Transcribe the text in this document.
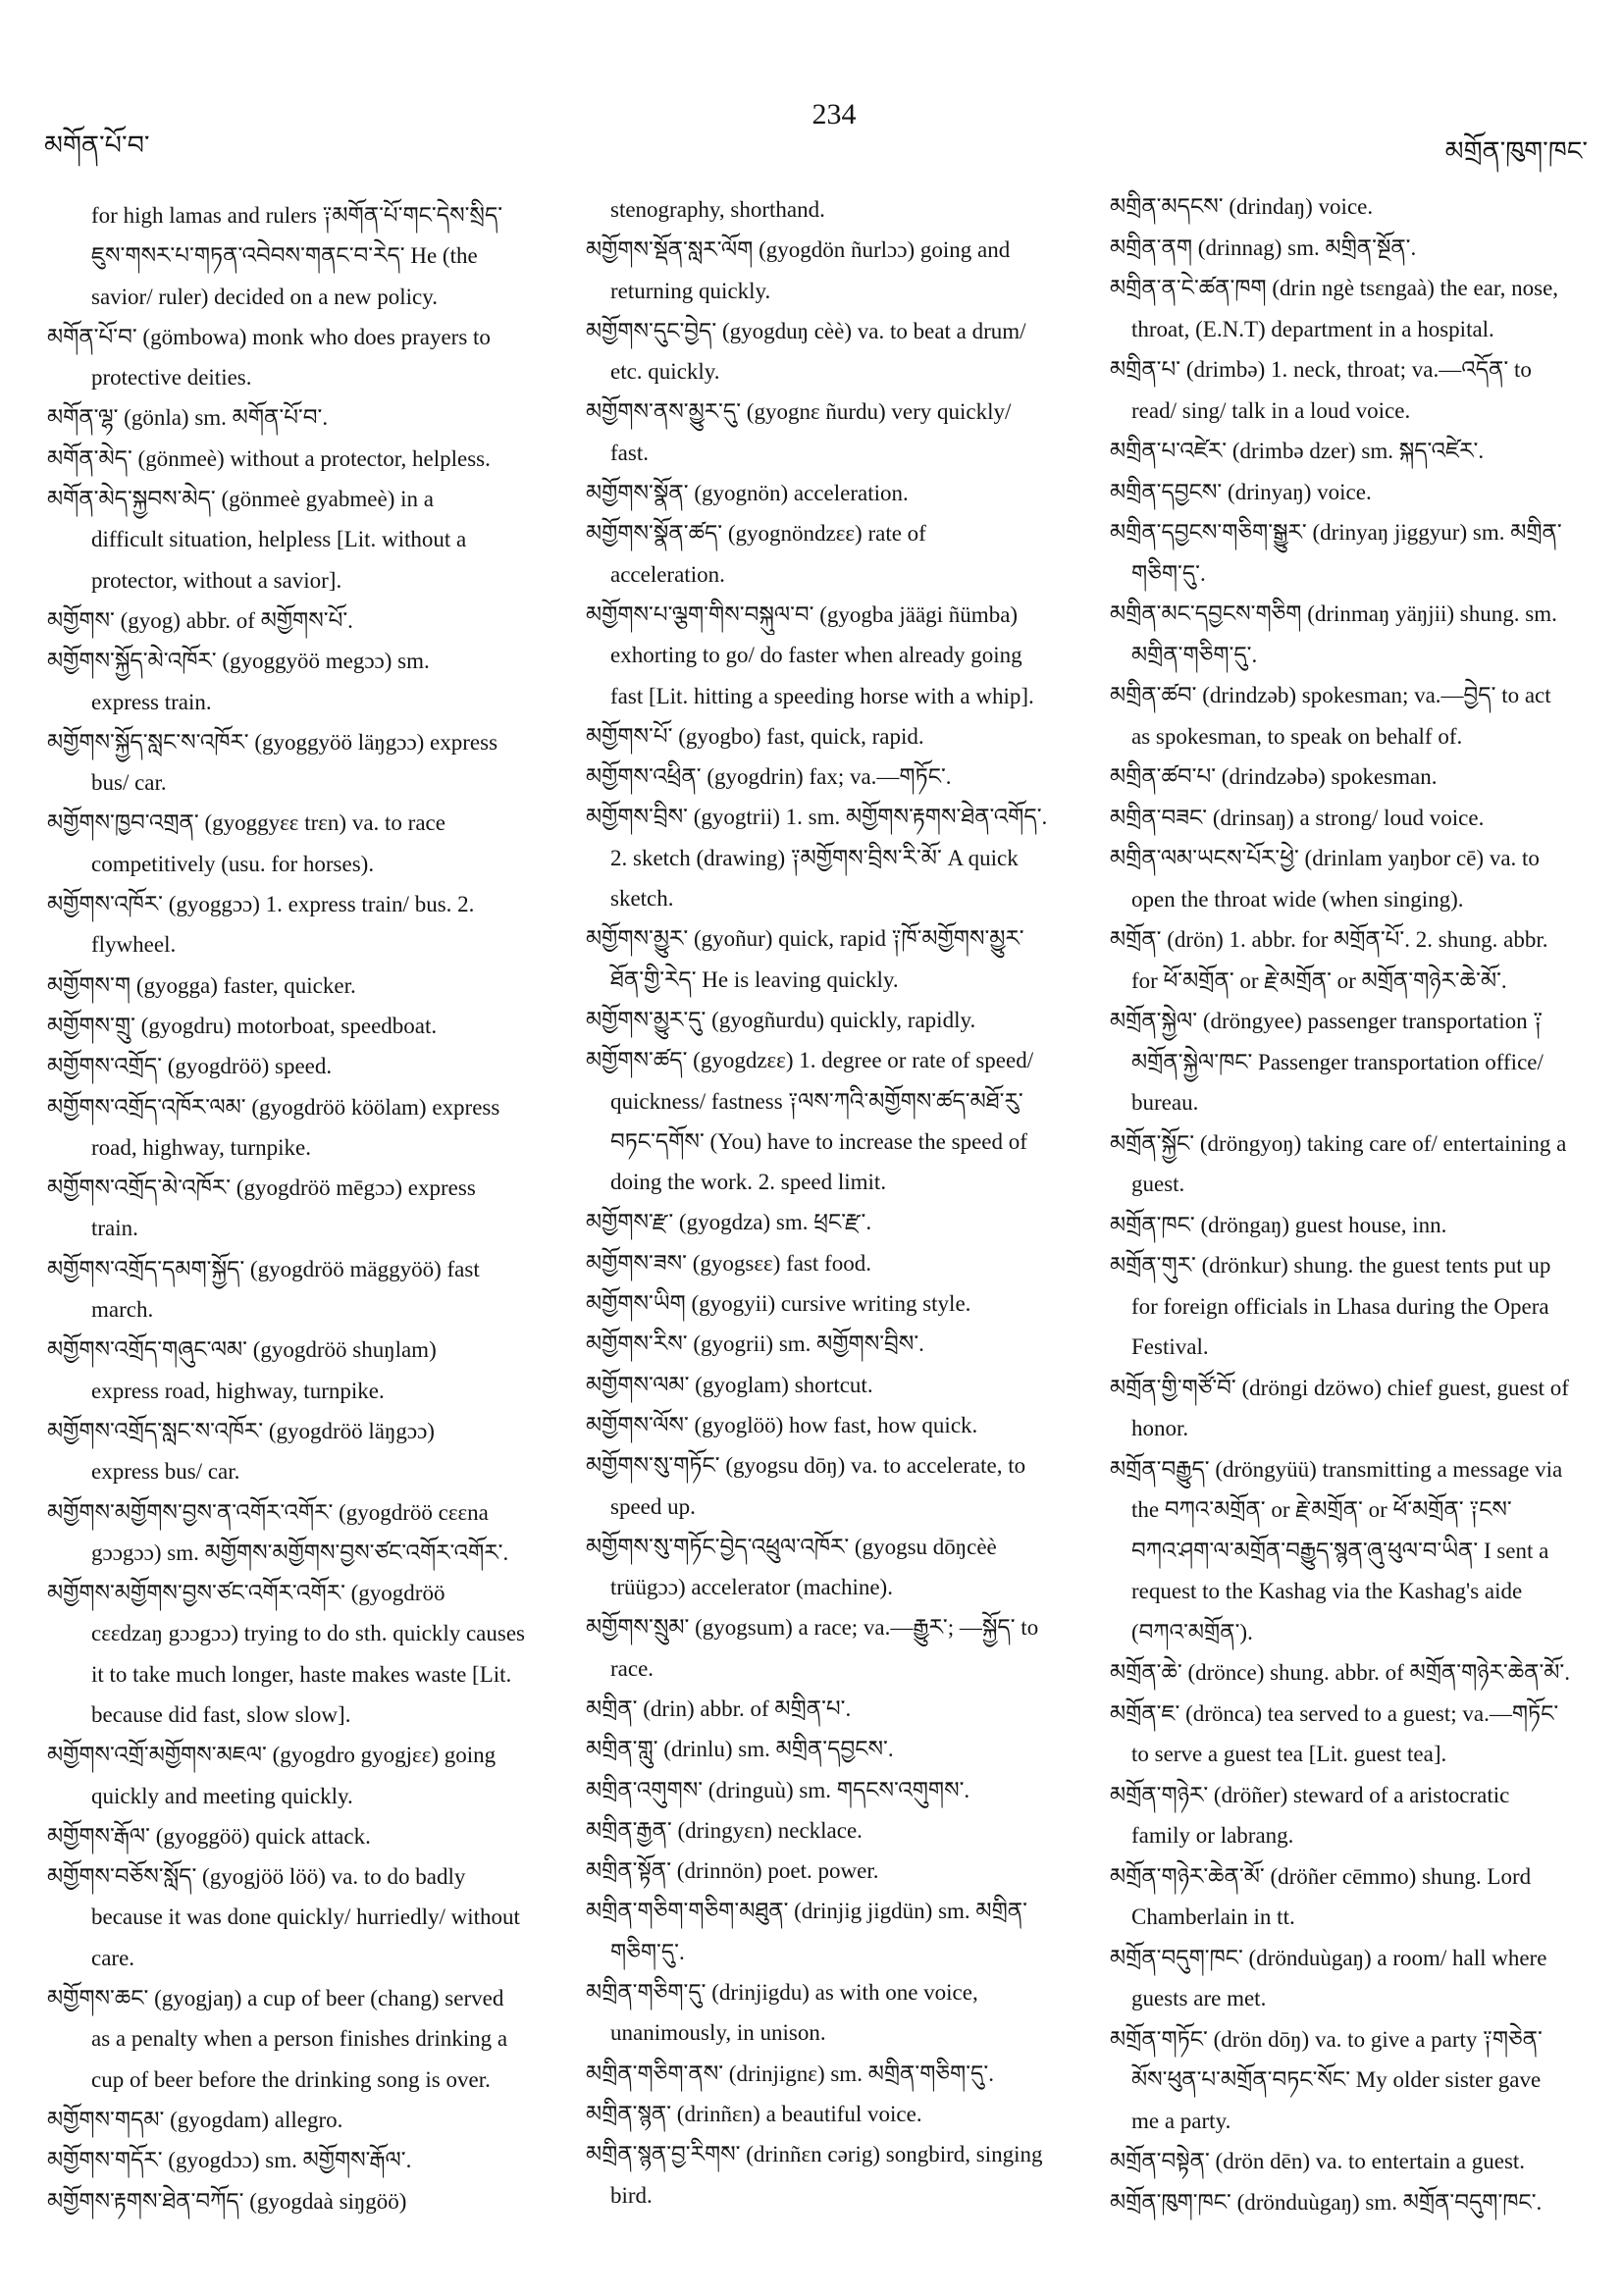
མགོན་པོ་བ་
234
མགྲོན་ཁུག་ཁང་
for high lamas and rulers ༑མགོན་པོ་གང་དེས་སྲིད་
ཇུས་གསར་པ་གཏན་འབེབས་གནང་བ་རེད་ He (the
savior/ ruler) decided on a new policy.
མགོན་པོ་བ་ (gömbowa) monk who does prayers to
protective deities.
མགོན་ལྷ་ (gönla) sm. མགོན་པོ་བ་.
མགོན་མེད་ (gönmeè) without a protector, helpless.
མགོན་མེད་སྐྱབས་མེད་ (gönmeè gyabmeè) in a
difficult situation, helpless [Lit. without a
protector, without a savior].
མགྱོགས་ (gyog) abbr. of མགྱོགས་པོ་.
མགྱོགས་སྐྱོད་མེ་འཁོར་ (gyoggyöö megɔɔ) sm.
express train.
མགྱོགས་སྐྱོད་སླང་ས་འཁོར་ (gyoggyöö läŋgɔɔ) express
bus/ car.
མགྱོགས་ཁྱབ་འགྲན་ (gyoggyεε trεn) va. to race
competitively (usu. for horses).
མགྱོགས་འཁོར་ (gyoggɔɔ) 1. express train/ bus. 2.
flywheel.
མགྱོགས་ག (gyogga) faster, quicker.
མགྱོགས་གྲུ་ (gyogdru) motorboat, speedboat.
མགྱོགས་འགྲོད་ (gyogdröö) speed.
མགྱོགས་འགྲོད་འཁོར་ལམ་ (gyogdröö köölam) express
road, highway, turnpike.
མགྱོགས་འགྲོད་མེ་འཁོར་ (gyogdröö mēgɔɔ) express
train.
མགྱོགས་འགྲོད་དམག་སྐྱོད་ (gyogdröö mäggyöö) fast
march.
མགྱོགས་འགྲོད་གཞུང་ལམ་ (gyogdröö shuŋlam)
express road, highway, turnpike.
མགྱོགས་འགྲོད་སླང་ས་འཁོར་ (gyogdröö läŋgɔɔ)
express bus/ car.
མགྱོགས་མགྱོགས་བྱས་ན་འགོར་འགོར་ (gyogdröö cεεna
gɔɔgɔɔ) sm. མགྱོགས་མགྱོགས་བྱས་ཙང་འགོར་འགོར་.
མགྱོགས་མགྱོགས་བྱས་ཙང་འགོར་འགོར་ (gyogdröö
cεεdzaŋ gɔɔgɔɔ) trying to do sth. quickly causes
it to take much longer, haste makes waste [Lit.
because did fast, slow slow].
མགྱོགས་འགྲོ་མགྱོགས་མཇལ་ (gyogdro gyogjεε) going
quickly and meeting quickly.
མགྱོགས་རྒོལ་ (gyoggöö) quick attack.
མགྱོགས་བཅོས་སློད་ (gyogjöö löö) va. to do badly
because it was done quickly/ hurriedly/ without
care.
མགྱོགས་ཆང་ (gyogjaŋ) a cup of beer (chang) served
as a penalty when a person finishes drinking a
cup of beer before the drinking song is over.
མགྱོགས་གདམ་ (gyogdam) allegro.
མགྱོགས་གདོར་ (gyogdɔɔ) sm. མགྱོགས་རྒོལ་.
མགྱོགས་རྟགས་ཐེན་བཀོད་ (gyogdaà siŋgöö)
stenography, shorthand.
མགྱོགས་སྡོན་སླར་ལོག (gyogdön ñurlɔɔ) going and
returning quickly.
མགྱོགས་དུང་བྱེད་ (gyogduŋ cèè) va. to beat a drum/
etc. quickly.
མགྱོགས་ནས་མྱུར་དུ་ (gyognε ñurdu) very quickly/
fast.
མགྱོགས་སྣོན་ (gyognön) acceleration.
མགྱོགས་སྣོན་ཚད་ (gyognöndzεε) rate of
acceleration.
མགྱོགས་པ་ལྕག་གིས་བསྐུལ་བ་ (gyogba jäägi ñümba)
exhorting to go/ do faster when already going
fast [Lit. hitting a speeding horse with a whip].
མགྱོགས་པོ་ (gyogbo) fast, quick, rapid.
མགྱོགས་འཕྲིན་ (gyogdrin) fax; va.—གཏོང་.
མགྱོགས་བྲིས་ (gyogtrii) 1. sm. མགྱོགས་རྟགས་ཐེན་འགོད་.
2. sketch (drawing) ༑མགྱོགས་བྲིས་རི་མོ་ A quick
sketch.
མགྱོགས་མྱུར་ (gyoñur) quick, rapid ༑ཁོ་མགྱོགས་མྱུར་
ཐོན་གྱི་རེད་ He is leaving quickly.
མགྱོགས་མྱུར་དུ་ (gyogñurdu) quickly, rapidly.
མགྱོགས་ཚད་ (gyogdzεε) 1. degree or rate of speed/
quickness/ fastness ༑ལས་ཀའི་མགྱོགས་ཚད་མཐོ་རུ་
བཏང་དགོས་ (You) have to increase the speed of
doing the work. 2. speed limit.
མགྱོགས་རྫ་ (gyogdza) sm. ཕྲང་རྫ་.
མགྱོགས་ཟས་ (gyogsεε) fast food.
མགྱོགས་ཡིག (gyogyii) cursive writing style.
མགྱོགས་རིས་ (gyogrii) sm. མགྱོགས་བྲིས་.
མགྱོགས་ལམ་ (gyoglam) shortcut.
མགྱོགས་ལོས་ (gyoglöö) how fast, how quick.
མགྱོགས་སུ་གཏོང་ (gyogsu dōŋ) va. to accelerate, to
speed up.
མགྱོགས་སུ་གཏོང་བྱེད་འཕྲུལ་འཁོར་ (gyogsu dōŋcèè
trüügɔɔ) accelerator (machine).
མགྱོགས་སྲུམ་ (gyogsum) a race; va.—རྒྱུར་; —སྐྱོད་ to
race.
མགྲིན་ (drin) abbr. of མགྲིན་པ་.
མགྲིན་གླུ་ (drinlu) sm. མགྲིན་དབྱངས་.
མགྲིན་འགུགས་ (dringuù) sm. གདངས་འགུགས་.
མགྲིན་རྒྱན་ (dringyεn) necklace.
མགྲིན་སྟོན་ (drinnön) poet. power.
མགྲིན་གཅིག་གཅིག་མཐུན་ (drinjig jigdün) sm. མགྲིན་
གཅིག་དུ་.
མགྲིན་གཅིག་དུ་ (drinjigdu) as with one voice,
unanimously, in unison.
མགྲིན་གཅིག་ནས་ (drinjignε) sm. མགྲིན་གཅིག་དུ་.
མགྲིན་སྙན་ (drinñεn) a beautiful voice.
མགྲིན་སྙན་བྱ་རིགས་ (drinñεn cərig) songbird, singing
bird.
མགྲིན་མདངས་ (drindaŋ) voice.
མགྲིན་ནག (drinnag) sm. མགྲིན་སྔོན་.
མགྲིན་ན་ངེ་ཚན་ཁག (drin ngè tsεngaà) the ear, nose,
throat, (E.N.T) department in a hospital.
མགྲིན་པ་ (drimbə) 1. neck, throat; va.—འདོན་ to
read/ sing/ talk in a loud voice.
མགྲིན་པ་འཛེར་ (drimbə dzer) sm. སྐད་འཛེར་.
མགྲིན་དབྱངས་ (drinyaŋ) voice.
མགྲིན་དབྱངས་གཅིག་སྒྱུར་ (drinyaŋ jiggyur) sm. མགྲིན་
གཅིག་དུ་.
མགྲིན་མང་དབྱངས་གཅིག (drinmaŋ yäŋjii) shung. sm.
མགྲིན་གཅིག་དུ་.
མགྲིན་ཚབ་ (drindzəb) spokesman; va.—བྱེད་ to act
as spokesman, to speak on behalf of.
མགྲིན་ཚབ་པ་ (drindzəbə) spokesman.
མགྲིན་བཟང་ (drinsaŋ) a strong/ loud voice.
མགྲིན་ལམ་ཡངས་པོར་ཕྱེ་ (drinlam yaŋbor cē) va. to
open the throat wide (when singing).
མགྲོན་ (drön) 1. abbr. for མགྲོན་པོ་. 2. shung. abbr.
for ཕོ་མགྲོན་ or རྗེ་མགྲོན་ or མགྲོན་གཉེར་ཆེ་མོ་.
མགྲོན་སྐྱེལ་ (dröngyee) passenger transportation ༑
མགྲོན་སྐྱེལ་ཁང་ Passenger transportation office/
bureau.
མགྲོན་སྐྱོང་ (dröngyoŋ) taking care of/ entertaining a
guest.
མགྲོན་ཁང་ (dröngaŋ) guest house, inn.
མགྲོན་གུར་ (drönkur) shung. the guest tents put up
for foreign officials in Lhasa during the Opera
Festival.
མགྲོན་གྱི་གཙོ་བོ་ (dröngi dzöwo) chief guest, guest of
honor.
མགྲོན་བརྒྱུད་ (dröngyüü) transmitting a message via
the བཀའ་མགྲོན་ or རྗེ་མགྲོན་ or ཕོ་མགྲོན་ ༑ངས་
བཀའ་ཤག་ལ་མགྲོན་བརྒྱུད་སྙན་ཞུ་ཕུལ་བ་ཡིན་ I sent a
request to the Kashag via the Kashag's aide
(བཀའ་མགྲོན་).
མགྲོན་ཆེ་ (drönce) shung. abbr. of མགྲོན་གཉེར་ཆེན་མོ་.
མགྲོན་ཇ་ (drönca) tea served to a guest; va.—གཏོང་
to serve a guest tea [Lit. guest tea].
མགྲོན་གཉེར་ (dröñer) steward of a aristocratic
family or labrang.
མགྲོན་གཉེར་ཆེན་མོ་ (dröñer cēmmo) shung. Lord
Chamberlain in tt.
མགྲོན་བདུག་ཁང་ (drönduùgaŋ) a room/ hall where
guests are met.
མགྲོན་གཏོང་ (drön dōŋ) va. to give a party ༑གཅེན་
མོས་ཕུན་པ་མགྲོན་བཏང་སོང་ My older sister gave
me a party.
མགྲོན་བསྟེན་ (drön dēn) va. to entertain a guest.
མགྲོན་ཁུག་ཁང་ (drönduùgaŋ) sm. མགྲོན་བདུག་ཁང་.
